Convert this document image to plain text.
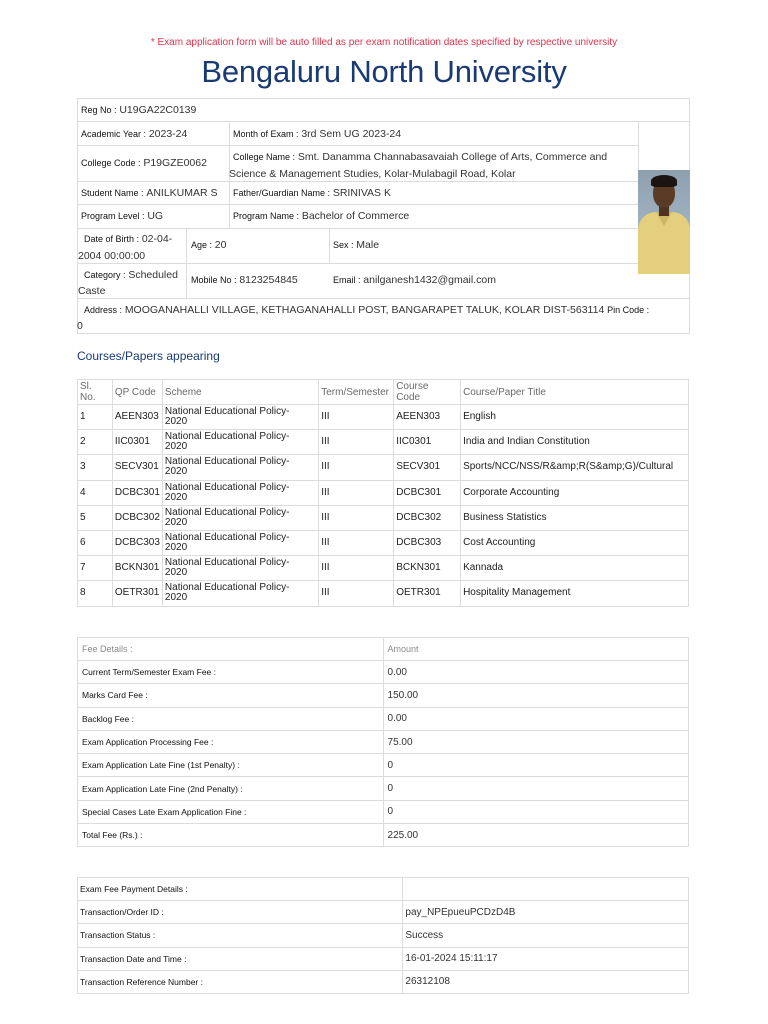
* Exam application form will be auto filled as per exam notification dates specified by respective university
Bengaluru North University
Reg No : U19GA22C0139
Academic Year : 2023-24	Month of Exam : 3rd Sem UG 2023-24
College Code : P19GZE0062	College Name : Smt. Danamma Channabasavaiah College of Arts, Commerce and
Science & Management Studies, Kolar-Mulabagil Road, Kolar
Student Name : ANILKUMAR S Father/Guardian Name : SRINIVAS K
Program Level : UG	Program Name : Bachelor of Commerce
Date of Birth : 02-04-
2004 00:00:00
Age : 20	Sex : Male
Category : Scheduled
Caste
Mobile No : 8123254845	Email : anilganesh1432@gmail.com
Address : MOOGANAHALLI VILLAGE, KETHAGANAHALLI POST, BANGARAPET TALUK, KOLAR DIST-563114 Pin Code :
0
Courses/Papers appearing
Sl.
No.	QP Code	Scheme	Term/Semester	Course
Code	Course/Paper Title
1	AEEN303	National Educational Policy-
2020	III	AEEN303	English
2	IIC0301	National Educational Policy-
2020	III	IIC0301	India and Indian Constitution
3	SECV301	National Educational Policy-
2020	III	SECV301	Sports/NCC/NSS/R&amp;R(S&amp;G)/Cultural
4	DCBC301	National Educational Policy-
2020	III	DCBC301	Corporate Accounting
5	DCBC302	National Educational Policy-
2020	III	DCBC302	Business Statistics
6	DCBC303	National Educational Policy-
2020	III	DCBC303	Cost Accounting
7	BCKN301	National Educational Policy-
2020	III	BCKN301	Kannada
8	OETR301	National Educational Policy-
2020	III	OETR301	Hospitality Management
Fee Details :	Amount
Current Term/Semester Exam Fee :	0.00
Marks Card Fee :	150.00
Backlog Fee :	0.00
Exam Application Processing Fee :	75.00
Exam Application Late Fine (1st Penalty) :	0
Exam Application Late Fine (2nd Penalty) :	0
Special Cases Late Exam Application Fine :	0
Total Fee (Rs.) :	225.00
Exam Fee Payment Details :	
Transaction/Order ID :	pay_NPEpueuPCDzD4B
Transaction Status :	Success
Transaction Date and Time :	16-01-2024 15:11:17
Transaction Reference Number :	26312108
